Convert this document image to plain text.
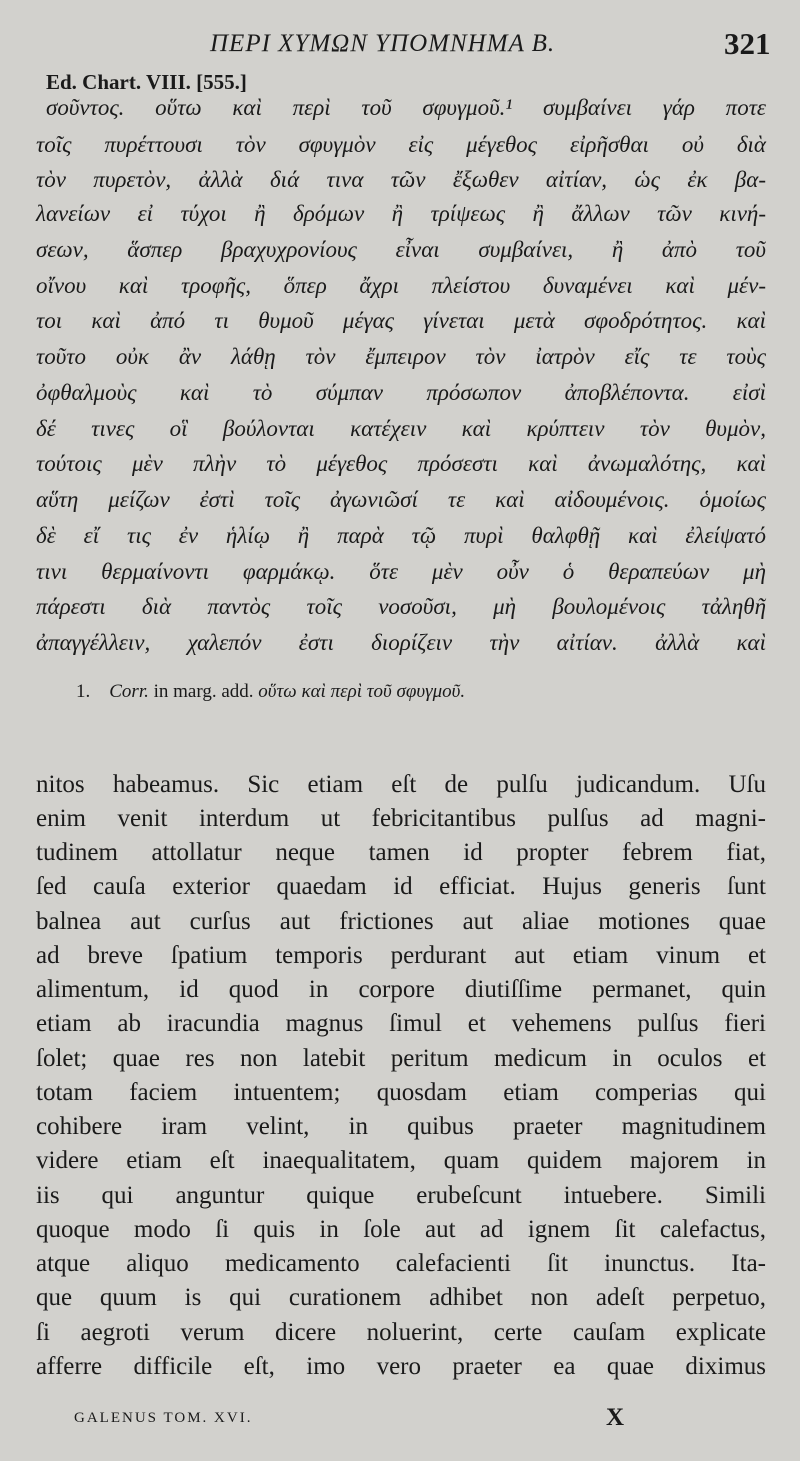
ΠΕΡΙ ΧΥΜΩΝ ΥΠΟΜΝΗΜΑ Β.	321
Ed. Chart. VIII. [555.]
σοῦντος. οὕτω καὶ περὶ τοῦ σφυγμοῦ.¹ συμβαίνει γάρ ποτε
τοῖς πυρέττουσι τὸν σφυγμὸν εἰς μέγεθος εἰρῆσθαι οὐ διὰ
τὸν πυρετὸν, ἀλλὰ διά τινα τῶν ἔξωθεν αἰτίαν, ὡς ἐκ βα-
λανείων εἰ τύχοι ἢ δρόμων ἢ τρίψεως ἢ ἄλλων τῶν κινή-
σεων, ἅσπερ βραχυχρονίους εἶναι συμβαίνει, ἢ ἀπὸ τοῦ
οἴνου καὶ τροφῆς, ὅπερ ἄχρι πλείστου δυναμένει καὶ μέν-
τοι καὶ ἀπό τι θυμοῦ μέγας γίνεται μετὰ σφοδρότητος. καὶ
τοῦτο οὐκ ἂν λάθῃ τὸν ἔμπειρον τὸν ἰατρὸν εἴς τε τοὺς
ὀφθαλμοὺς καὶ τὸ σύμπαν πρόσωπον ἀποβλέποντα. εἰσὶ
δέ τινες οἳ βούλονται κατέχειν καὶ κρύπτειν τὸν θυμὸν,
τούτοις μὲν πλὴν τὸ μέγεθος πρόσεστι καὶ ἀνωμαλότης, καὶ
αὕτη μείζων ἐστὶ τοῖς ἀγωνιῶσί τε καὶ αἰδουμένοις. ὁμοίως
δὲ εἴ τις ἐν ἡλίῳ ἢ παρὰ τῷ πυρὶ θαλφθῇ καὶ ἐλείψατό
τινι θερμαίνοντι φαρμάκῳ. ὅτε μὲν οὖν ὁ θεραπεύων μὴ
πάρεστι διὰ παντὸς τοῖς νοσοῦσι, μὴ βουλομένοις τἀληθῆ
ἀπαγγέλλειν, χαλεπόν ἐστι διορίζειν τὴν αἰτίαν. ἀλλὰ καὶ
1. Corr. in marg. add. οὕτω καὶ περὶ τοῦ σφυγμοῦ.
nitos habeamus. Sic etiam eſt de pulſu judicandum. Uſu
enim venit interdum ut febricitantibus pulſus ad magni-
tudinem attollatur neque tamen id propter febrem fiat,
ſed cauſa exterior quaedam id efficiat. Hujus generis ſunt
balnea aut curſus aut frictiones aut aliae motiones quae
ad breve ſpatium temporis perdurant aut etiam vinum et
alimentum, id quod in corpore diutiſſime permanet, quin
etiam ab iracundia magnus ſimul et vehemens pulſus fieri
ſolet; quae res non latebit peritum medicum in oculos et
totam faciem intuentem; quosdam etiam comperias qui
cohibere iram velint, in quibus praeter magnitudinem
videre etiam eſt inaequalitatem, quam quidem majorem in
iis qui anguntur quique erubeſcunt intuebere. Simili
quoque modo ſi quis in ſole aut ad ignem ſit calefactus,
atque aliquo medicamento calefacienti ſit inunctus. Ita-
que quum is qui curationem adhibet non adeſt perpetuo,
ſi aegroti verum dicere noluerint, certe cauſam explicate
afferre difficile eſt, imo vero praeter ea quae diximus
GALENUS TOM. XVI.	X
